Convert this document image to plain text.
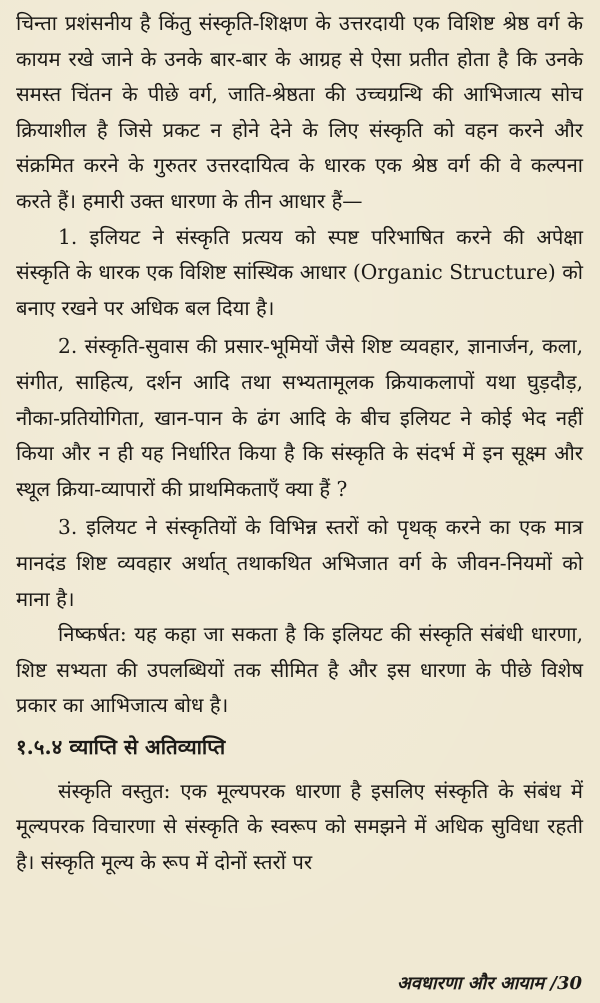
चिन्ता प्रशंसनीय है किंतु संस्कृति-शिक्षण के उत्तरदायी एक विशिष्ट श्रेष्ठ वर्ग के कायम रखे जाने के उनके बार-बार के आग्रह से ऐसा प्रतीत होता है कि उनके समस्त चिंतन के पीछे वर्ग, जाति-श्रेष्ठता की उच्चग्रन्थि की आभिजात्य सोच क्रियाशील है जिसे प्रकट न होने देने के लिए संस्कृति को वहन करने और संक्रमित करने के गुरुतर उत्तरदायित्व के धारक एक श्रेष्ठ वर्ग की वे कल्पना करते हैं। हमारी उक्त धारणा के तीन आधार हैं—

1. इलियट ने संस्कृति प्रत्यय को स्पष्ट परिभाषित करने की अपेक्षा संस्कृति के धारक एक विशिष्ट सांस्थिक आधार (Organic Structure) को बनाए रखने पर अधिक बल दिया है।

2. संस्कृति-सुवास की प्रसार-भूमियों जैसे शिष्ट व्यवहार, ज्ञानार्जन, कला, संगीत, साहित्य, दर्शन आदि तथा सभ्यतामूलक क्रियाकलापों यथा घुड़दौड़, नौका-प्रतियोगिता, खान-पान के ढंग आदि के बीच इलियट ने कोई भेद नहीं किया और न ही यह निर्धारित किया है कि संस्कृति के संदर्भ में इन सूक्ष्म और स्थूल क्रिया-व्यापारों की प्राथमिकताएँ क्या हैं ?

3. इलियट ने संस्कृतियों के विभिन्न स्तरों को पृथक् करने का एक मात्र मानदंड शिष्ट व्यवहार अर्थात् तथाकथित अभिजात वर्ग के जीवन-नियमों को माना है।

निष्कर्षत: यह कहा जा सकता है कि इलियट की संस्कृति संबंधी धारणा, शिष्ट सभ्यता की उपलब्धियों तक सीमित है और इस धारणा के पीछे विशेष प्रकार का आभिजात्य बोध है।

१.५.४ व्याप्ति से अतिव्याप्ति

संस्कृति वस्तुत: एक मूल्यपरक धारणा है इसलिए संस्कृति के संबंध में मूल्यपरक विचारणा से संस्कृति के स्वरूप को समझने में अधिक सुविधा रहती है। संस्कृति मूल्य के रूप में दोनों स्तरों पर

अवधारणा और आयाम /30
